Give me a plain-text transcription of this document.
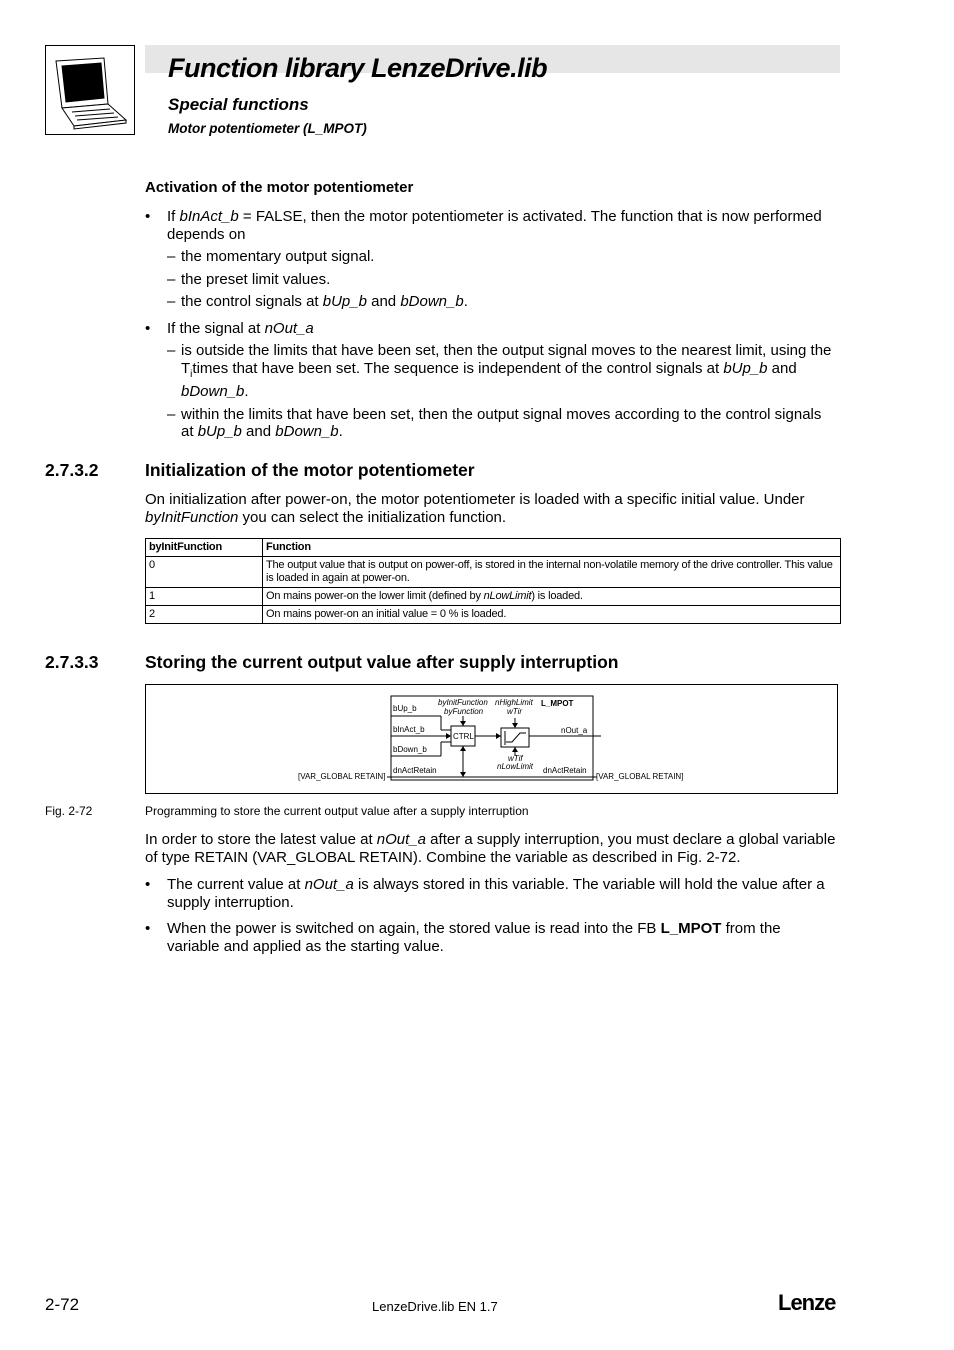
Function library LenzeDrive.lib
Special functions
Motor potentiometer (L_MPOT)
Activation of the motor potentiometer
•	If bInAct_b = FALSE, then the motor potentiometer is activated. The function that is now performed depends on
– the momentary output signal.
– the preset limit values.
– the control signals at bUp_b and bDown_b.
•	If the signal at nOut_a
– is outside the limits that have been set, then the output signal moves to the nearest limit, using the $T_itimes$ that have been set. The sequence is independent of the control signals at bUp_b and bDown_b.
– within the limits that have been set, then the output signal moves according to the control signals at bUp_b and bDown_b.
2.7.3.2	Initialization of the motor potentiometer
On initialization after power-on, the motor potentiometer is loaded with a specific initial value. Under byInitFunction you can select the initialization function.
byInitFunction	Function
0	The output value that is output on power-off, is stored in the internal non-volatile memory of the drive controller. This value is loaded in again at power-on.
1	On mains power-on the lower limit (defined by nLowLimit) is loaded.
2	On mains power-on an initial value = 0 % is loaded.
2.7.3.3	Storing the current output value after supply interruption
L_MPOT
bUp_b
bInAct_b
bDown_b
dnActRetain
CTRL
byInitFunction
byFunction
nHighLimit
wTir
wTif
nLowLimit
nOut_a
dnActRetain
[VAR_GLOBAL RETAIN]	[VAR_GLOBAL RETAIN]
Fig. 2-72	Programming to store the current output value after a supply interruption
In order to store the latest value at nOut_a after a supply interruption, you must declare a global variable of type RETAIN (VAR_GLOBAL RETAIN). Combine the variable as described in Fig. 2-72.
•	The current value at nOut_a is always stored in this variable. The variable will hold the value after a supply interruption.
•	When the power is switched on again, the stored value is read into the FB L_MPOT from the variable and applied as the starting value.
2-72	LenzeDrive.lib EN 1.7	Lenze
